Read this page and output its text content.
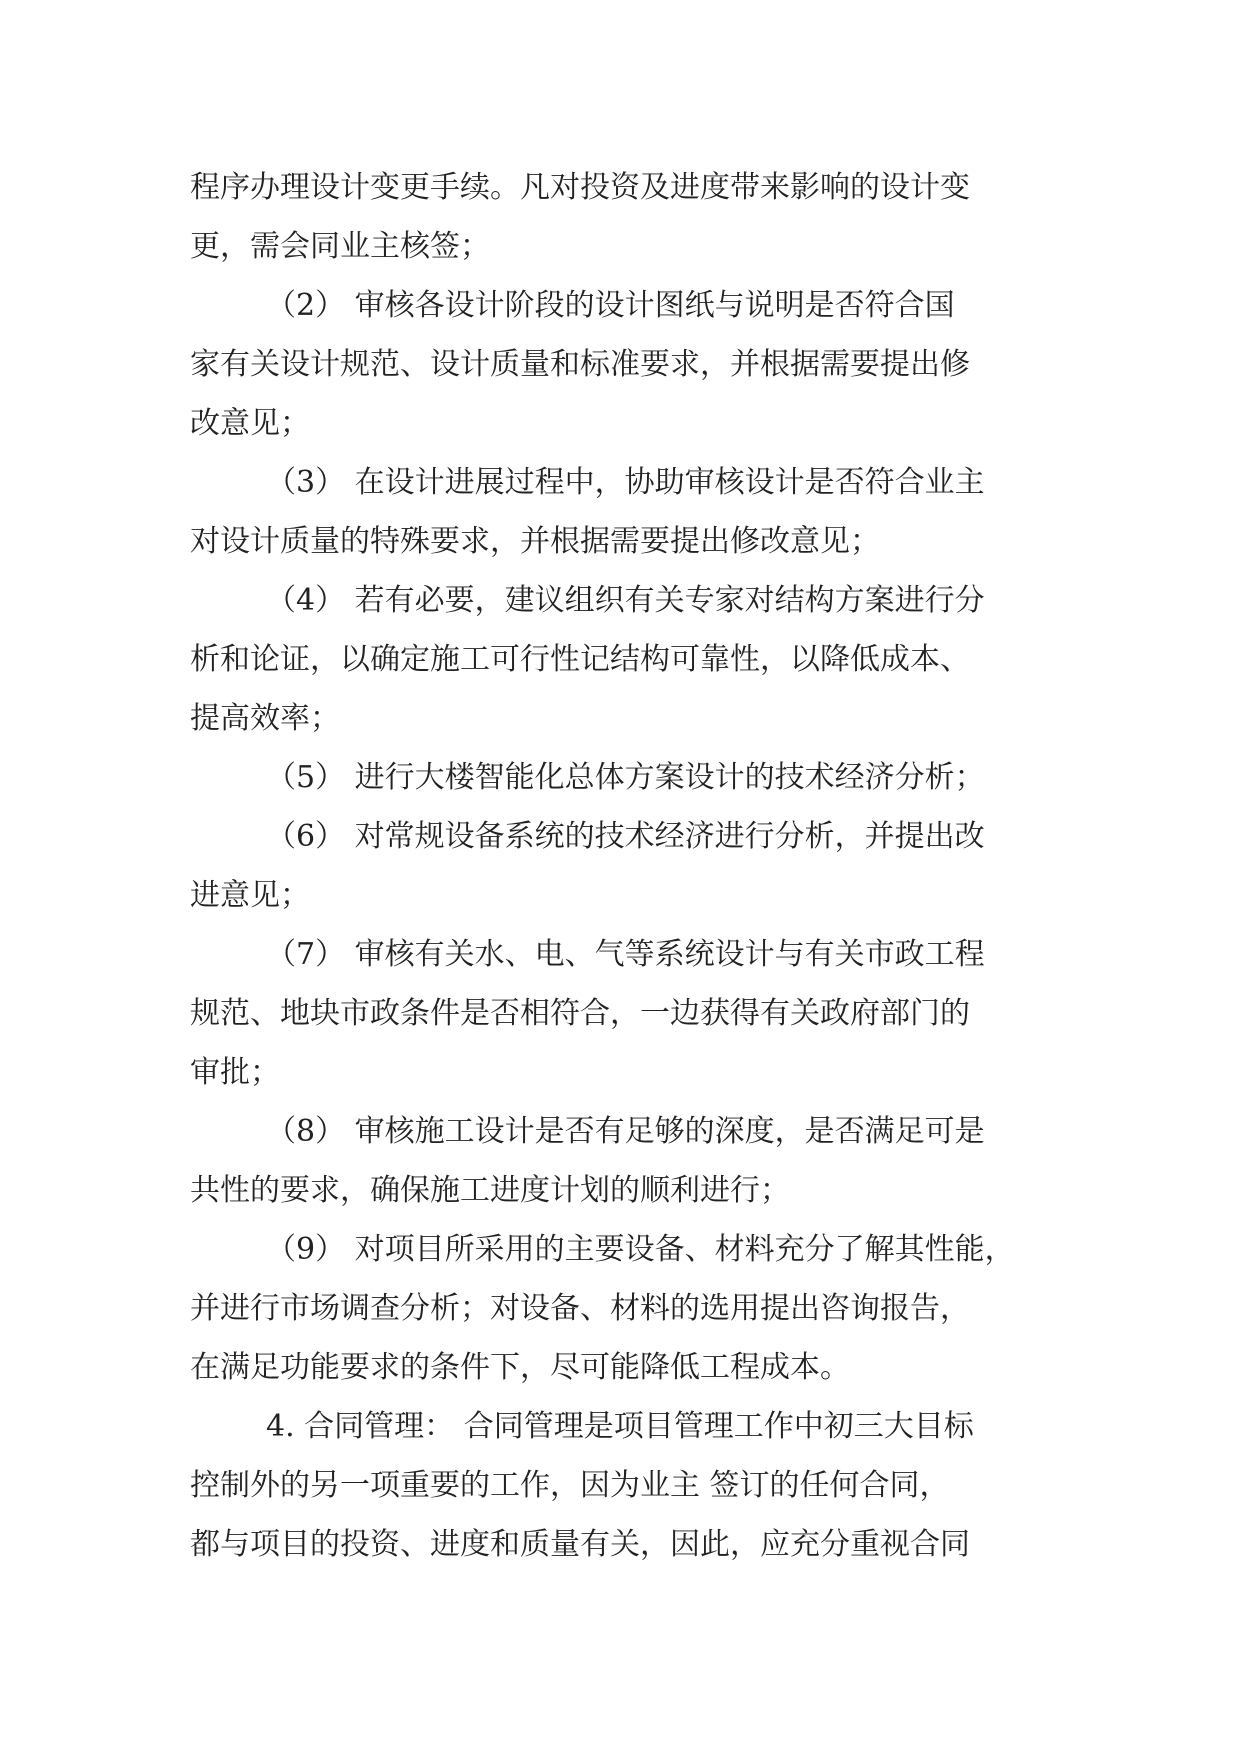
程序办理设计变更手续。凡对投资及进度带来影响的设计变
更，需会同业主核签；
（2） 审核各设计阶段的设计图纸与说明是否符合国
家有关设计规范、设计质量和标准要求，并根据需要提出修
改意见；
（3） 在设计进展过程中，协助审核设计是否符合业主
对设计质量的特殊要求，并根据需要提出修改意见；
（4） 若有必要，建议组织有关专家对结构方案进行分
析和论证，以确定施工可行性记结构可靠性，以降低成本、
提高效率；
（5） 进行大楼智能化总体方案设计的技术经济分析；
（6） 对常规设备系统的技术经济进行分析，并提出改
进意见；
（7） 审核有关水、电、气等系统设计与有关市政工程
规范、地块市政条件是否相符合，一边获得有关政府部门的
审批；
（8） 审核施工设计是否有足够的深度，是否满足可是
共性的要求，确保施工进度计划的顺利进行；
（9） 对项目所采用的主要设备、材料充分了解其性能，
并进行市场调查分析；对设备、材料的选用提出咨询报告，
在满足功能要求的条件下，尽可能降低工程成本。
4. 合同管理： 合同管理是项目管理工作中初三大目标
控制外的另一项重要的工作，因为业主 签订的任何合同，
都与项目的投资、进度和质量有关，因此，应充分重视合同
